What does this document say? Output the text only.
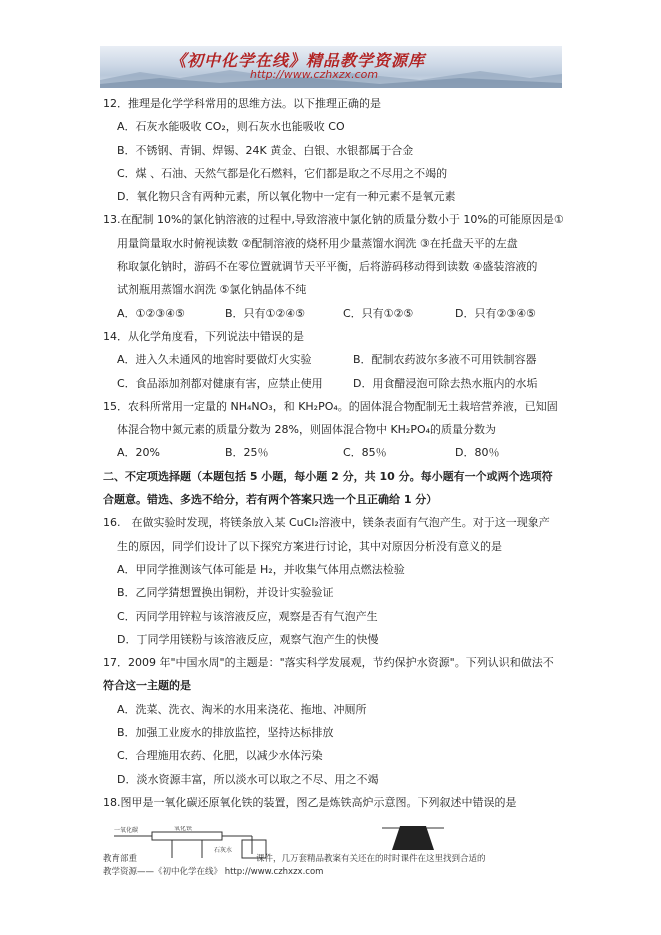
《初中化学在线》精品教学资源库
http://www.czhxzx.com
12．推理是化学学科常用的思维方法。以下推理正确的是
A．石灰水能吸收 CO₂，则石灰水也能吸收 CO
B．不锈钢、青铜、焊锡、24K 黄金、白银、水银都属于合金
C．煤 、石油、天然气都是化石燃料，它们都是取之不尽用之不竭的
D．氧化物只含有两种元素，所以氧化物中一定有一种元素不是氧元素
13.在配制 10%的氯化钠溶液的过程中,导致溶液中氯化钠的质量分数小于 10%的可能原因是①
用量筒量取水时俯视读数 ②配制溶液的烧杯用少量蒸馏水润洗 ③在托盘天平的左盘
称取氯化钠时，游码不在零位置就调节天平平衡，后将游码移动得到读数 ④盛装溶液的
试剂瓶用蒸馏水润洗 ⑤氯化钠晶体不纯
A．①②③④⑤	B．只有①②④⑤	C．只有①②⑤	D．只有②③④⑤
14．从化学角度看，下列说法中错误的是
A．进入久未通风的地窖时要做灯火实验	B．配制农药波尔多液不可用铁制容器
C．食品添加剂都对健康有害，应禁止使用	D．用食醋浸泡可除去热水瓶内的水垢
15．农科所常用一定量的 NH₄NO₃，和 KH₂PO₄。的固体混合物配制无土栽培营养液，已知固
体混合物中氮元素的质量分数为 28%，则固体混合物中 KH₂PO₄的质量分数为
A．20%	B．25％	C．85％	D．80％
二、不定项选择题（本题包括 5 小题，每小题 2 分，共 10 分。每小题有一个或两个选项符
合题意。错选、多选不给分，若有两个答案只选一个且正确给 1 分）
16.　在做实验时发现，将镁条放入某 CuCl₂溶液中，镁条表面有气泡产生。对于这一现象产
生的原因，同学们设计了以下探究方案进行讨论，其中对原因分析没有意义的是
A．甲同学推测该气体可能是 H₂，并收集气体用点燃法检验
B．乙同学猜想置换出铜粉，并设计实验验证
C．丙同学用锌粒与该溶液反应，观察是否有气泡产生
D．丁同学用镁粉与该溶液反应，观察气泡产生的快慢
17．2009 年"中国水周"的主题是："落实科学发展观，节约保护水资源"。下列认识和做法不
符合这一主题的是
A．洗菜、洗衣、淘米的水用来浇花、拖地、冲厕所
B．加强工业废水的排放监控，坚持达标排放
C．合理施用农药、化肥，以减少水体污染
D．淡水资源丰富，所以淡水可以取之不尽、用之不竭
18.图甲是一氧化碳还原氧化铁的装置，图乙是炼铁高炉示意图。下列叙述中错误的是
一氧化碳	氧化铁
石灰水
教育部重　　　　　　　　　　　　　　课件，几万套精品教案有关还在的时时课件在这里找到合适的
教学资源——《初中化学在线》 http://www.czhxzx.com
